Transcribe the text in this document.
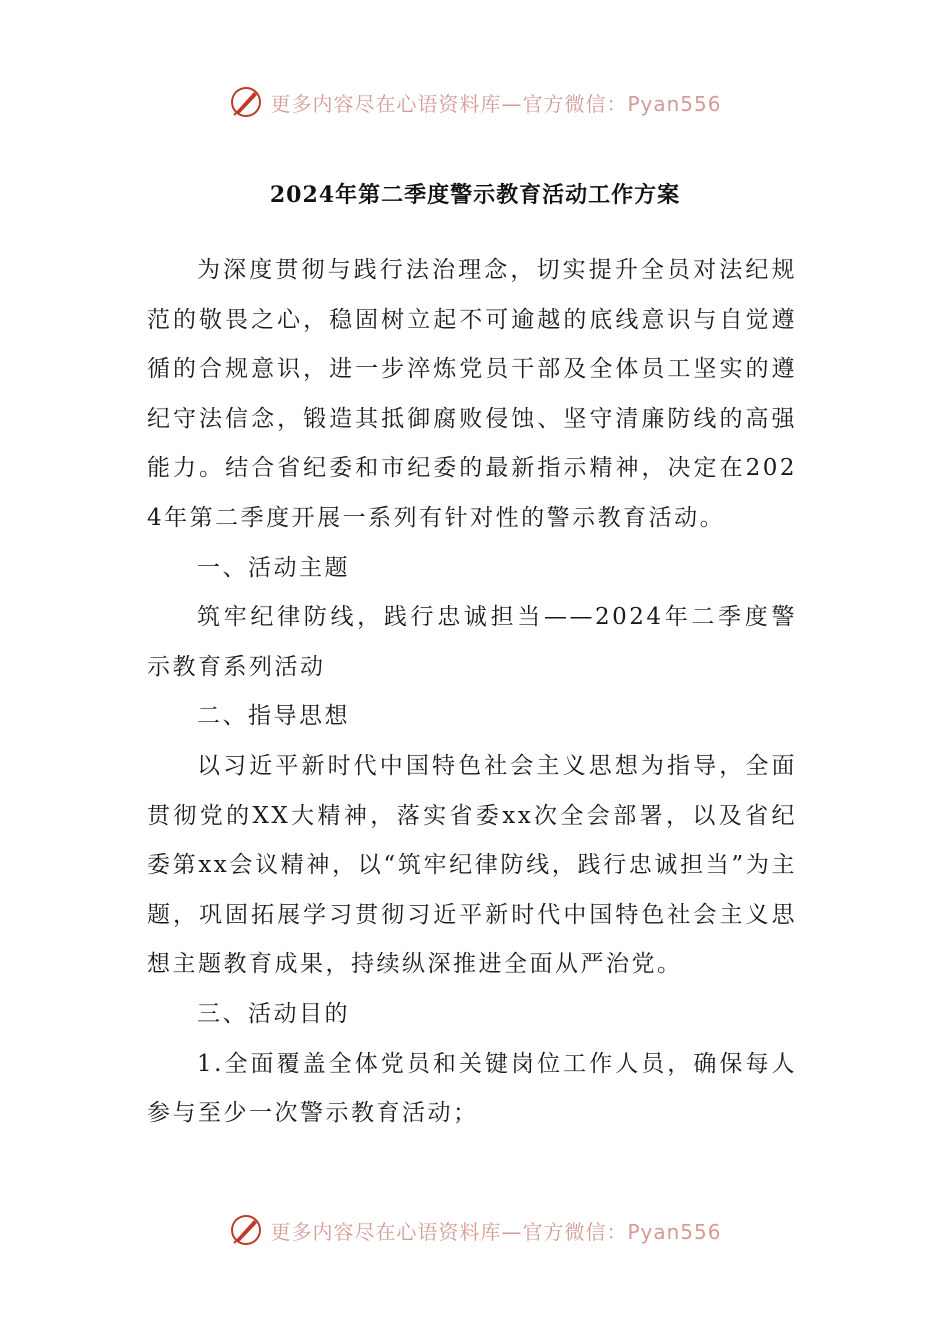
更多内容尽在心语资料库—官方微信：Pyan556
2024年第二季度警示教育活动工作方案

为深度贯彻与践行法治理念，切实提升全员对法纪规范的敬畏之心，稳固树立起不可逾越的底线意识与自觉遵循的合规意识，进一步淬炼党员干部及全体员工坚实的遵纪守法信念，锻造其抵御腐败侵蚀、坚守清廉防线的高强能力。结合省纪委和市纪委的最新指示精神，决定在2024年第二季度开展一系列有针对性的警示教育活动。

一、活动主题

筑牢纪律防线，践行忠诚担当——2024年二季度警示教育系列活动

二、指导思想

以习近平新时代中国特色社会主义思想为指导，全面贯彻党的XX大精神，落实省委xx次全会部署，以及省纪委第xx会议精神，以“筑牢纪律防线，践行忠诚担当”为主题，巩固拓展学习贯彻习近平新时代中国特色社会主义思想主题教育成果，持续纵深推进全面从严治党。

三、活动目的

1.全面覆盖全体党员和关键岗位工作人员，确保每人参与至少一次警示教育活动；

更多内容尽在心语资料库—官方微信：Pyan556
